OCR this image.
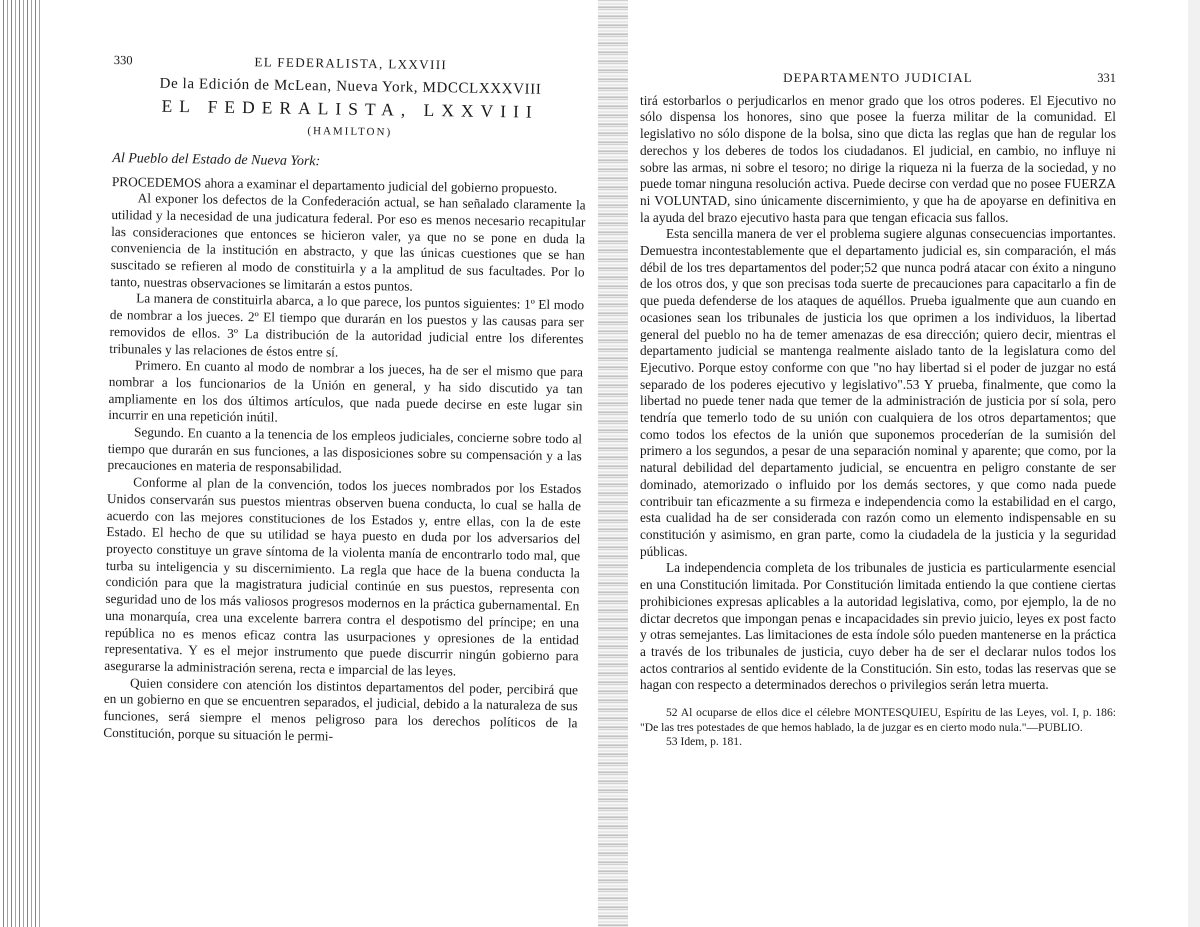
330	EL FEDERALISTA, LXXVIII
De la Edición de McLean, Nueva York, MDCCLXXXVIII
EL FEDERALISTA, LXXVIII
(HAMILTON)
Al Pueblo del Estado de Nueva York:

PROCEDEMOS ahora a examinar el departamento judicial del gobierno propuesto.

Al exponer los defectos de la Confederación actual, se han señalado claramente la utilidad y la necesidad de una judicatura federal. Por eso es menos necesario recapitular las consideraciones que entonces se hicieron valer, ya que no se pone en duda la conveniencia de la institución en abstracto, y que las únicas cuestiones que se han suscitado se refieren al modo de constituirla y a la amplitud de sus facultades. Por lo tanto, nuestras observaciones se limitarán a estos puntos.

La manera de constituirla abarca, a lo que parece, los puntos siguientes: 1º El modo de nombrar a los jueces. 2º El tiempo que durarán en los puestos y las causas para ser removidos de ellos. 3º La distribución de la autoridad judicial entre los diferentes tribunales y las relaciones de éstos entre sí.

Primero. En cuanto al modo de nombrar a los jueces, ha de ser el mismo que para nombrar a los funcionarios de la Unión en general, y ha sido discutido ya tan ampliamente en los dos últimos artículos, que nada puede decirse en este lugar sin incurrir en una repetición inútil.

Segundo. En cuanto a la tenencia de los empleos judiciales, concierne sobre todo al tiempo que durarán en sus funciones, a las disposiciones sobre su compensación y a las precauciones en materia de responsabilidad.

Conforme al plan de la convención, todos los jueces nombrados por los Estados Unidos conservarán sus puestos mientras observen buena conducta, lo cual se halla de acuerdo con las mejores constituciones de los Estados y, entre ellas, con la de este Estado. El hecho de que su utilidad se haya puesto en duda por los adversarios del proyecto constituye un grave síntoma de la violenta manía de encontrarlo todo mal, que turba su inteligencia y su discernimiento. La regla que hace de la buena conducta la condición para que la magistratura judicial continúe en sus puestos, representa con seguridad uno de los más valiosos progresos modernos en la práctica gubernamental. En una monarquía, crea una excelente barrera contra el despotismo del príncipe; en una república no es menos eficaz contra las usurpaciones y opresiones de la entidad representativa. Y es el mejor instrumento que puede discurrir ningún gobierno para asegurarse la administración serena, recta e imparcial de las leyes.

Quien considere con atención los distintos departamentos del poder, percibirá que en un gobierno en que se encuentren separados, el judicial, debido a la naturaleza de sus funciones, será siempre el menos peligroso para los derechos políticos de la Constitución, porque su situación le permi-

331
DEPARTAMENTO JUDICIAL

tirá estorbarlos o perjudicarlos en menor grado que los otros poderes. El Ejecutivo no sólo dispensa los honores, sino que posee la fuerza militar de la comunidad. El legislativo no sólo dispone de la bolsa, sino que dicta las reglas que han de regular los derechos y los deberes de todos los ciudadanos. El judicial, en cambio, no influye ni sobre las armas, ni sobre el tesoro; no dirige la riqueza ni la fuerza de la sociedad, y no puede tomar ninguna resolución activa. Puede decirse con verdad que no posee FUERZA ni VOLUNTAD, sino únicamente discernimiento, y que ha de apoyarse en definitiva en la ayuda del brazo ejecutivo hasta para que tengan eficacia sus fallos.

Esta sencilla manera de ver el problema sugiere algunas consecuencias importantes. Demuestra incontestablemente que el departamento judicial es, sin comparación, el más débil de los tres departamentos del poder;52 que nunca podrá atacar con éxito a ninguno de los otros dos, y que son precisas toda suerte de precauciones para capacitarlo a fin de que pueda defenderse de los ataques de aquéllos. Prueba igualmente que aun cuando en ocasiones sean los tribunales de justicia los que oprimen a los individuos, la libertad general del pueblo no ha de temer amenazas de esa dirección; quiero decir, mientras el departamento judicial se mantenga realmente aislado tanto de la legislatura como del Ejecutivo. Porque estoy conforme con que "no hay libertad si el poder de juzgar no está separado de los poderes ejecutivo y legislativo".53 Y prueba, finalmente, que como la libertad no puede tener nada que temer de la administración de justicia por sí sola, pero tendría que temerlo todo de su unión con cualquiera de los otros departamentos; que como todos los efectos de la unión que suponemos procederían de la sumisión del primero a los segundos, a pesar de una separación nominal y aparente; que como, por la natural debilidad del departamento judicial, se encuentra en peligro constante de ser dominado, atemorizado o influido por los demás sectores, y que como nada puede contribuir tan eficazmente a su firmeza e independencia como la estabilidad en el cargo, esta cualidad ha de ser considerada con razón como un elemento indispensable en su constitución y asimismo, en gran parte, como la ciudadela de la justicia y la seguridad públicas.

La independencia completa de los tribunales de justicia es particularmente esencial en una Constitución limitada. Por Constitución limitada entiendo la que contiene ciertas prohibiciones expresas aplicables a la autoridad legislativa, como, por ejemplo, la de no dictar decretos que impongan penas e incapacidades sin previo juicio, leyes ex post facto y otras semejantes. Las limitaciones de esta índole sólo pueden mantenerse en la práctica a través de los tribunales de justicia, cuyo deber ha de ser el declarar nulos todos los actos contrarios al sentido evidente de la Constitución. Sin esto, todas las reservas que se hagan con respecto a determinados derechos o privilegios serán letra muerta.

52 Al ocuparse de ellos dice el célebre MONTESQUIEU, Espíritu de las Leyes, vol. I, p. 186: "De las tres potestades de que hemos hablado, la de juzgar es en cierto modo nula."—PUBLIO.

53 Idem, p. 181.
